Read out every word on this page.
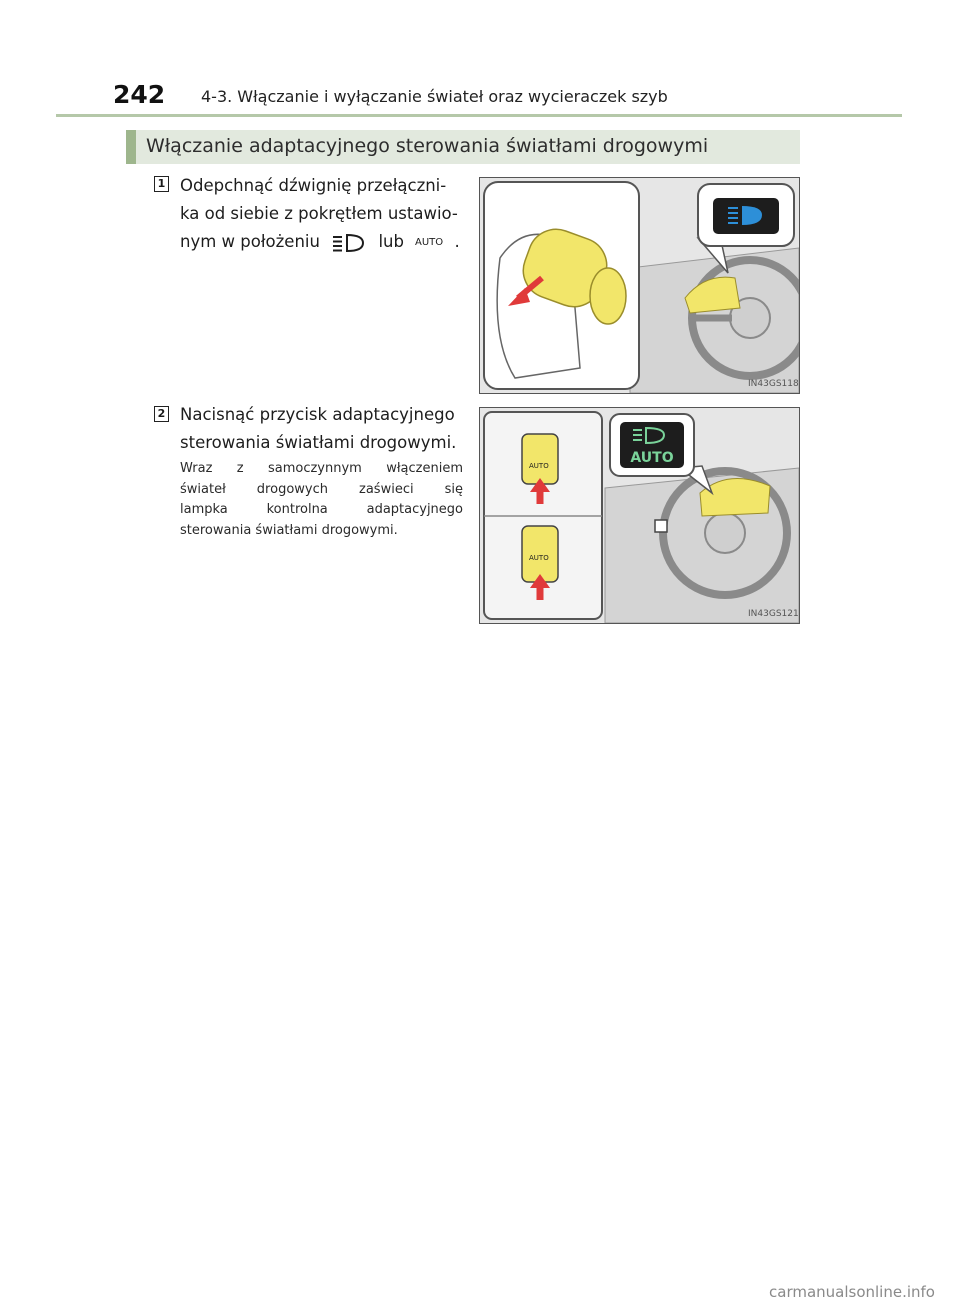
242 4-3. Włączanie i wyłączanie świateł oraz wycieraczek szyb
Włączanie adaptacyjnego sterowania światłami drogowymi
1 Odepchnąć dźwignię przełączni-
ka od siebie z pokrętłem ustawio-
nym w położeniu	lub AUTO .
IN43GS118
2 Nacisnąć przycisk adaptacyjnego
sterowania światłami drogowymi.
Wraz z samoczynnym włączeniem
świateł drogowych zaświeci się
lampka kontrolna adaptacyjnego
sterowania światłami drogowymi.
AUTO
AUTO
AUTO
IN43GS121
carmanualsonline.info
